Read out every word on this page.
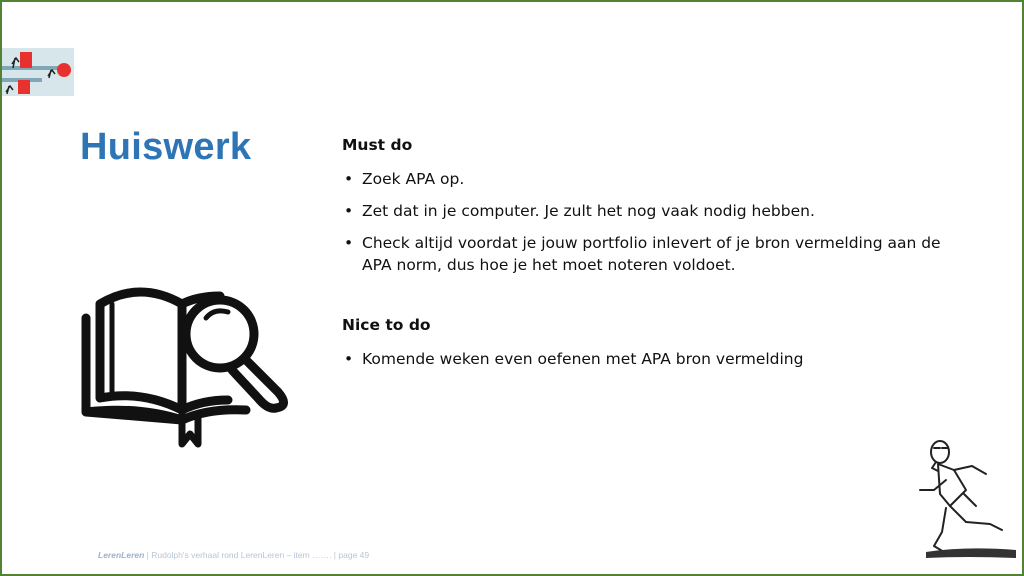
Huiswerk	Must do
• Zoek APA op.
• Zet dat in je computer. Je zult het nog vaak nodig hebben.
• Check altijd voordat je jouw portfolio inlevert of je bron vermelding aan de APA norm, dus hoe je het moet noteren voldoet.
Nice to do
• Komende weken even oefenen met APA bron vermelding
LerenLeren | Rudolph's verhaal rond LerenLeren – item ……. | page 49
